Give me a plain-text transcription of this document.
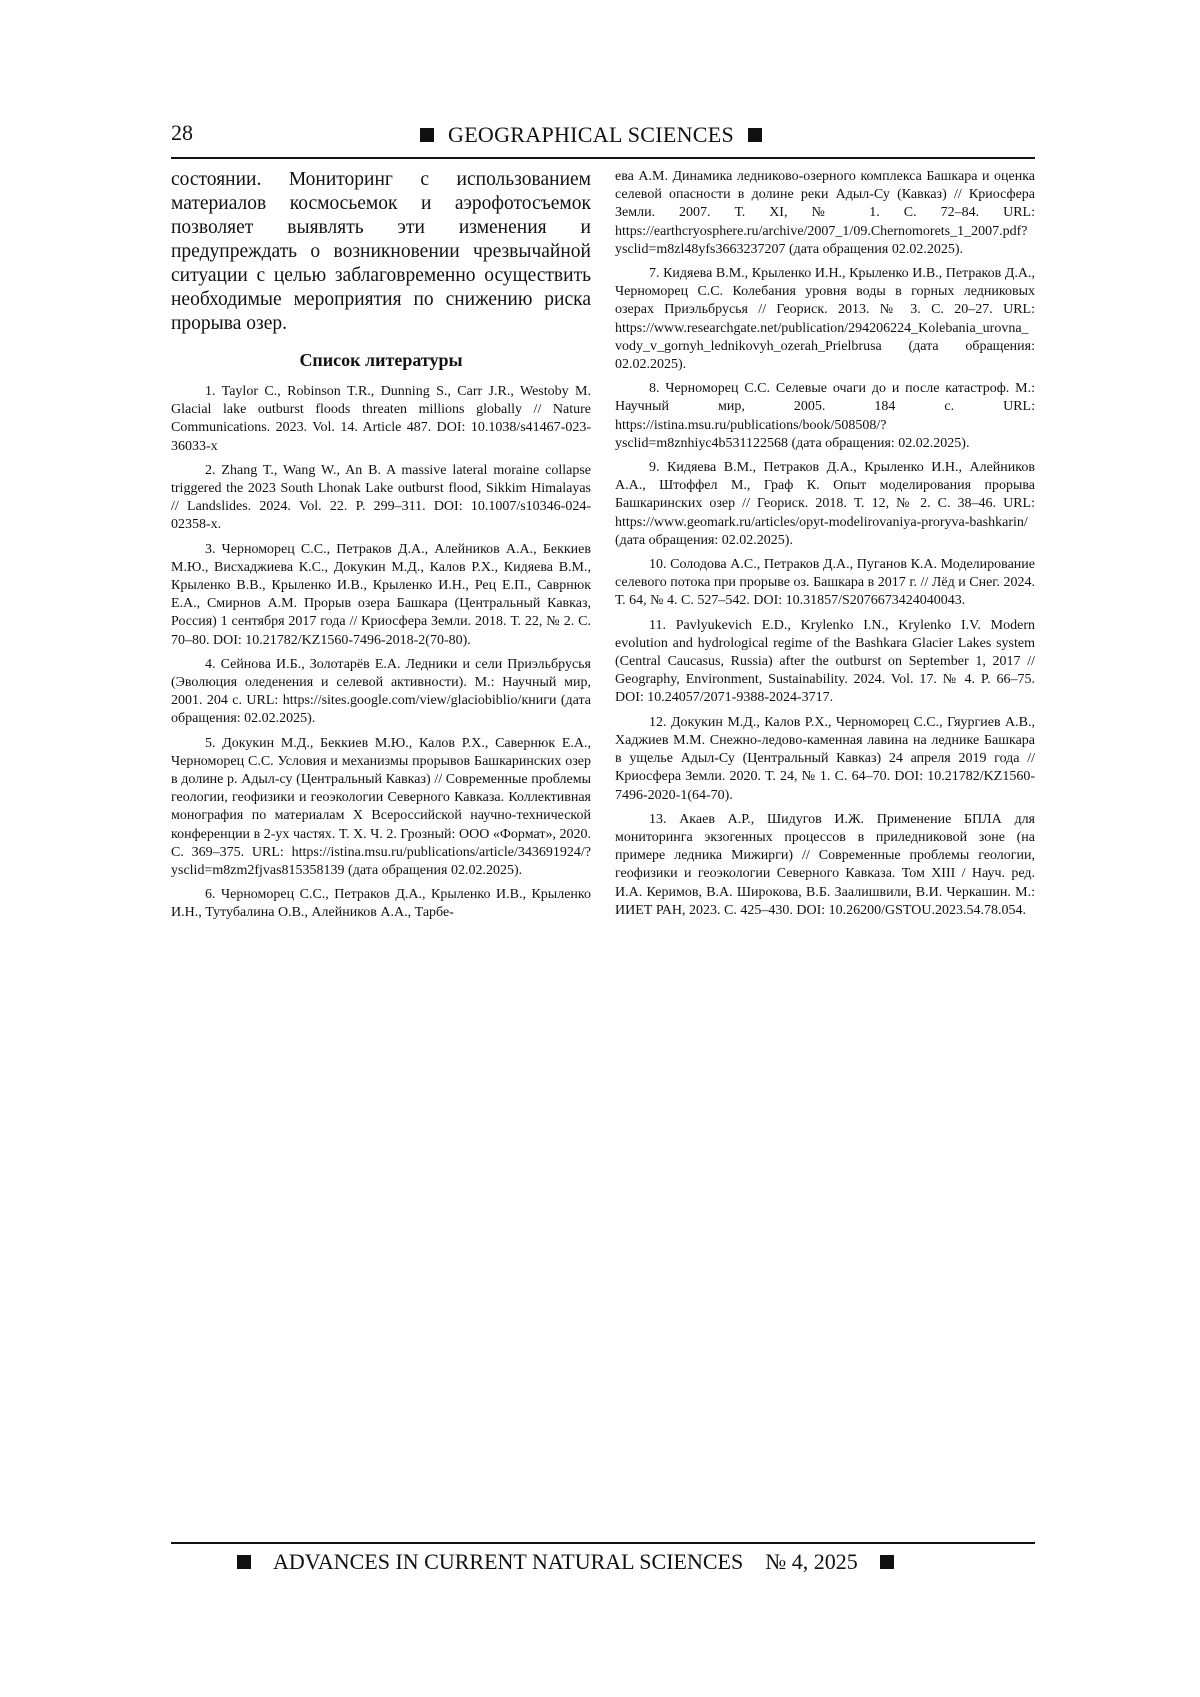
28	GEOGRAPHICAL SCIENCES

состоянии. Мониторинг с использованием материалов космосьемок и аэрофотосъемок позволяет выявлять эти изменения и предупреждать о возникновении чрезвычайной ситуации с целью заблаговременно осуществить необходимые мероприятия по снижению риска прорыва озер.

Список литературы

1. Taylor C., Robinson T.R., Dunning S., Carr J.R., Westoby M. Glacial lake outburst floods threaten millions globally // Nature Communications. 2023. Vol. 14. Article 487. DOI: 10.1038/s41467-023-36033-x

2. Zhang T., Wang W., An B. A massive lateral moraine collapse triggered the 2023 South Lhonak Lake outburst flood, Sikkim Himalayas // Landslides. 2024. Vol. 22. P. 299–311. DOI: 10.1007/s10346-024-02358-x.

3. Черноморец С.С., Петраков Д.А., Алейников А.А., Беккиев М.Ю., Висхаджиева К.С., Докукин М.Д., Калов Р.Х., Кидяева В.М., Крыленко В.В., Крыленко И.В., Крыленко И.Н., Рец Е.П., Саврнюк Е.А., Смирнов А.М. Прорыв озера Башкара (Центральный Кавказ, Россия) 1 сентября 2017 года // Криосфера Земли. 2018. Т. 22, № 2. С. 70–80. DOI: 10.21782/KZ1560-7496-2018-2(70-80).

4. Сейнова И.Б., Золотарёв Е.А. Ледники и сели Приэльбрусья (Эволюция оледенения и селевой активности). М.: Научный мир, 2001. 204 с. URL: https://sites.google.com/view/glaciobiblio/книги (дата обращения: 02.02.2025).

5. Докукин М.Д., Беккиев М.Ю., Калов Р.Х., Савернюк Е.А., Черноморец С.С. Условия и механизмы прорывов Башкаринских озер в долине р. Адыл-су (Центральный Кавказ) // Современные проблемы геологии, геофизики и геоэкологии Северного Кавказа. Коллективная монография по материалам X Всероссийской научно-технической конференции в 2-ух частях. Т. X. Ч. 2. Грозный: ООО «Формат», 2020. С. 369–375. URL: https://istina.msu.ru/publications/article/343691924/?ysclid=m8zm2fjvas815358139 (дата обращения 02.02.2025).

6. Черноморец С.С., Петраков Д.А., Крыленко И.В., Крыленко И.Н., Тутубалина О.В., Алейников А.А., Тарбе-

ева А.М. Динамика ледниково-озерного комплекса Башкара и оценка селевой опасности в долине реки Адыл-Су (Кавказ) // Криосфера Земли. 2007. Т. XI, № 1. С. 72–84. URL: https://earthcryosphere.ru/archive/2007_1/09.Chernomorets_1_2007.pdf?ysclid=m8zl48yfs3663237207 (дата обращения 02.02.2025).

7. Кидяева В.М., Крыленко И.Н., Крыленко И.В., Петраков Д.А., Черноморец С.С. Колебания уровня воды в горных ледниковых озерах Приэльбрусья // Геориск. 2013. № 3. С. 20–27. URL: https://www.researchgate.net/publication/294206224_Kolebania_urovna_vody_v_gornyh_lednikovyh_ozerah_Prielbrusa (дата обращения: 02.02.2025).

8. Черноморец С.С. Селевые очаги до и после катастроф. М.: Научный мир, 2005. 184 с. URL: https://istina.msu.ru/publications/book/508508/?ysclid=m8znhiyc4b531122568 (дата обращения: 02.02.2025).

9. Кидяева В.М., Петраков Д.А., Крыленко И.Н., Алейников А.А., Штоффел М., Граф К. Опыт моделирования прорыва Башкаринских озер // Геориск. 2018. Т. 12, № 2. С. 38–46. URL: https://www.geomark.ru/articles/opyt-modelirovaniya-proryva-bashkarin/ (дата обращения: 02.02.2025).

10. Солодова А.С., Петраков Д.А., Пуганов К.А. Моделирование селевого потока при прорыве оз. Башкара в 2017 г. // Лёд и Снег. 2024. Т. 64, № 4. С. 527–542. DOI: 10.31857/S2076673424040043.

11. Pavlyukevich E.D., Krylenko I.N., Krylenko I.V. Modern evolution and hydrological regime of the Bashkara Glacier Lakes system (Central Caucasus, Russia) after the outburst on September 1, 2017 // Geography, Environment, Sustainability. 2024. Vol. 17. № 4. P. 66–75. DOI: 10.24057/2071-9388-2024-3717.

12. Докукин М.Д., Калов Р.Х., Черноморец С.С., Гяургиев А.В., Хаджиев М.М. Снежно-ледово-каменная лавина на леднике Башкара в ущелье Адыл-Су (Центральный Кавказ) 24 апреля 2019 года // Криосфера Земли. 2020. Т. 24, № 1. С. 64–70. DOI: 10.21782/KZ1560-7496-2020-1(64-70).

13. Акаев А.Р., Шидугов И.Ж. Применение БПЛА для мониторинга экзогенных процессов в приледниковой зоне (на примере ледника Мижирги) // Современные проблемы геологии, геофизики и геоэкологии Северного Кавказа. Том XIII / Науч. ред. И.А. Керимов, В.А. Широкова, В.Б. Заалишвили, В.И. Черкашин. М.: ИИЕТ РАН, 2023. С. 425–430. DOI: 10.26200/GSTOU.2023.54.78.054.

ADVANCES IN CURRENT NATURAL SCIENCES № 4, 2025
